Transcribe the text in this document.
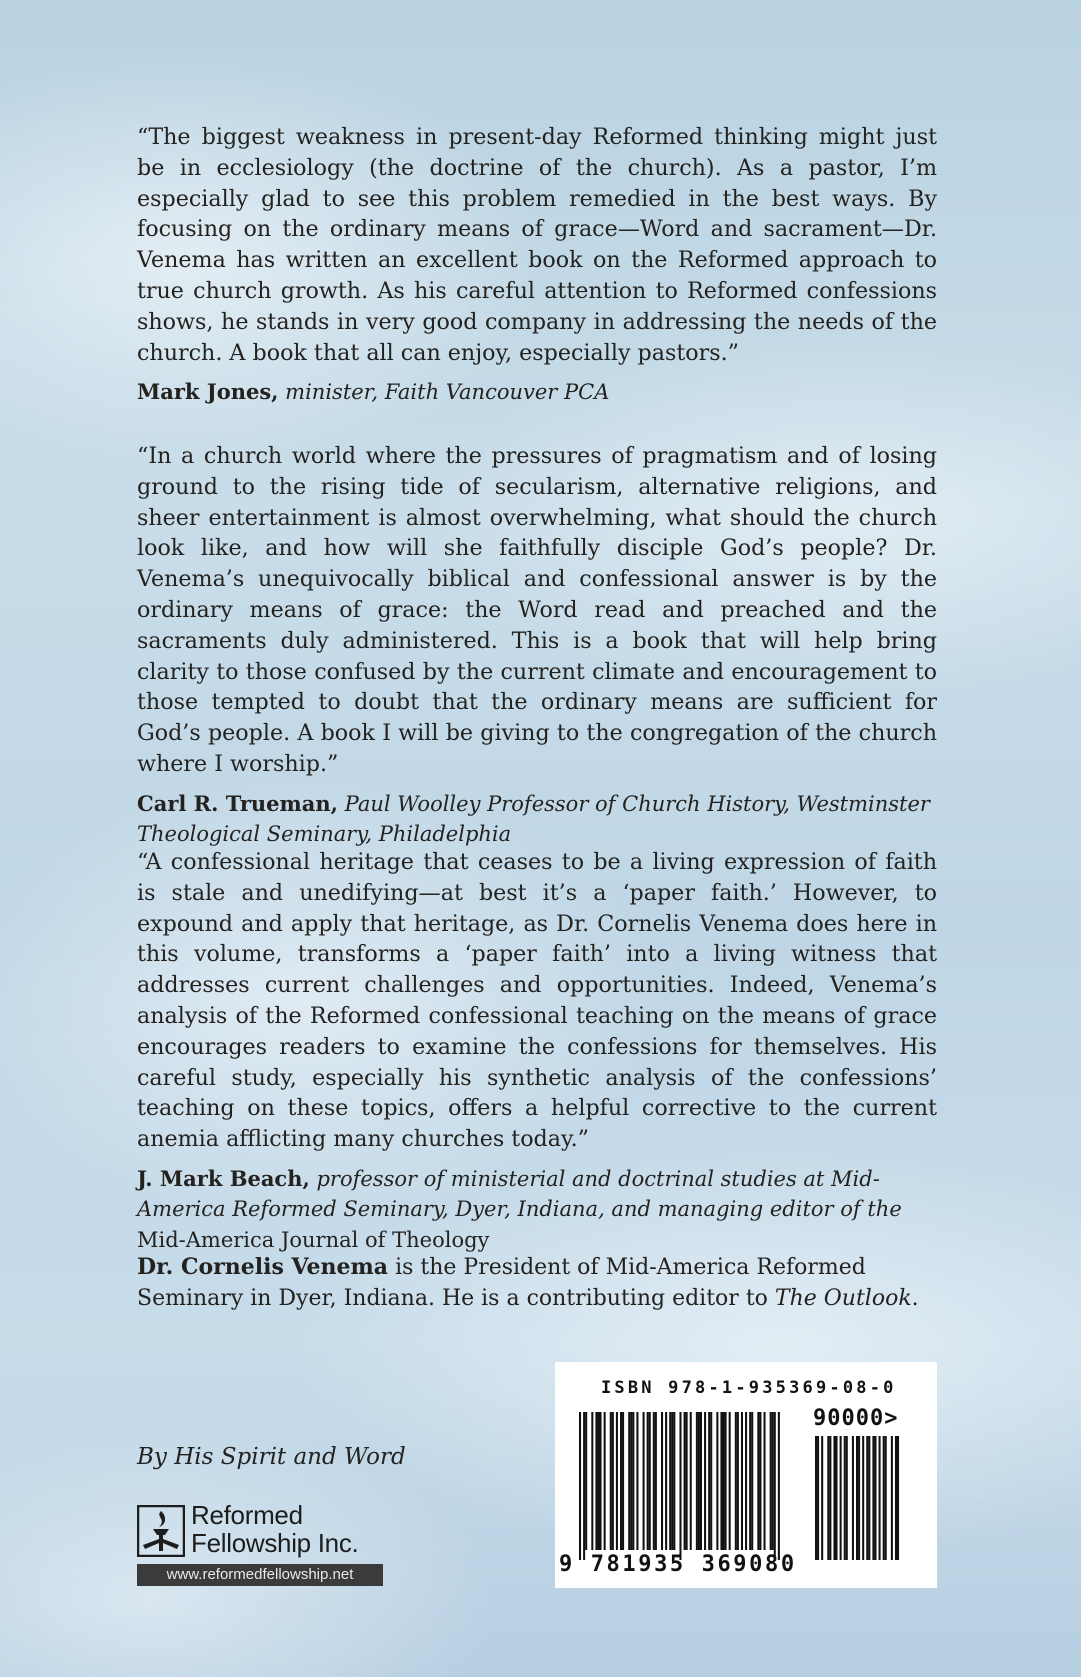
“The biggest weakness in present-day Reformed thinking might just be in ecclesiology (the doctrine of the church). As a pastor, I’m especially glad to see this problem remedied in the best ways. By focusing on the ordinary means of grace—Word and sacrament—Dr. Venema has written an excellent book on the Reformed approach to true church growth. As his careful attention to Reformed confessions shows, he stands in very good company in addressing the needs of the church. A book that all can enjoy, especially pastors.”

Mark Jones, minister, Faith Vancouver PCA

“In a church world where the pressures of pragmatism and of losing ground to the rising tide of secularism, alternative religions, and sheer entertainment is almost overwhelming, what should the church look like, and how will she faithfully disciple God’s people? Dr. Venema’s unequivocally biblical and confessional answer is by the ordinary means of grace: the Word read and preached and the sacraments duly administered. This is a book that will help bring clarity to those confused by the current climate and encouragement to those tempted to doubt that the ordinary means are sufficient for God’s people. A book I will be giving to the congregation of the church where I worship.”

Carl R. Trueman, Paul Woolley Professor of Church History, Westminster Theological Seminary, Philadelphia

“A confessional heritage that ceases to be a living expression of faith is stale and unedifying—at best it’s a ‘paper faith.’ However, to expound and apply that heritage, as Dr. Cornelis Venema does here in this volume, transforms a ‘paper faith’ into a living witness that addresses current challenges and opportunities. Indeed, Venema’s analysis of the Reformed confessional teaching on the means of grace encourages readers to examine the confessions for themselves. His careful study, especially his synthetic analysis of the confessions’ teaching on these topics, offers a helpful corrective to the current anemia afflicting many churches today.”

J. Mark Beach, professor of ministerial and doctrinal studies at Mid-America Reformed Seminary, Dyer, Indiana, and managing editor of the Mid-America Journal of Theology

Dr. Cornelis Venema is the President of Mid-America Reformed Seminary in Dyer, Indiana. He is a contributing editor to The Outlook.

By His Spirit and Word

Reformed
Fellowship Inc.
www.reformedfellowship.net
ISBN 978-1-935369-08-0
90000>
9 781935 369080
